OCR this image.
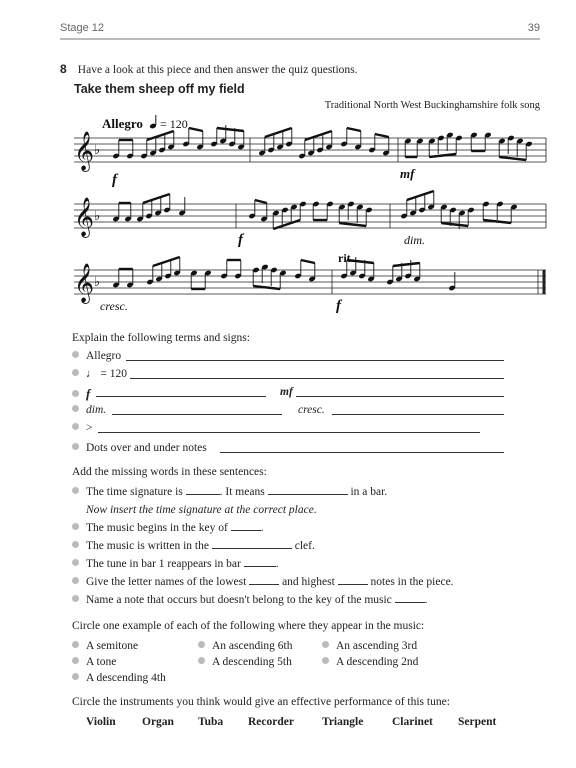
Stage 12	39
8 Have a look at this piece and then answer the quiz questions.
Take them sheep off my field
Traditional North West Buckinghamshire folk song
Allegro = 120
𝄞
𝄞
𝄞
♭
♭
♭
f	mf
f	dim.
cresc.
rit.
f
Explain the following terms and signs:
Allegro
♩ = 120
f	mf
dim.	cresc.
>
Dots over and under notes
Add the missing words in these sentences:
The time signature is	. It means	in a bar.
Now insert the time signature at the correct place.
The music begins in the key of	.
The music is written in the	clef.
The tune in bar 1 reappears in bar	.
Give the letter names of the lowest	and highest	notes in the piece.
Name a note that occurs but doesn't belong to the key of the music	.
Circle one example of each of the following where they appear in the music:
A semitone	An ascending 6th	An ascending 3rd
A tone	A descending 5th	A descending 2nd
A descending 4th
Circle the instruments you think would give an effective performance of this tune:
Violin Organ Tuba Recorder Triangle Clarinet Serpent
